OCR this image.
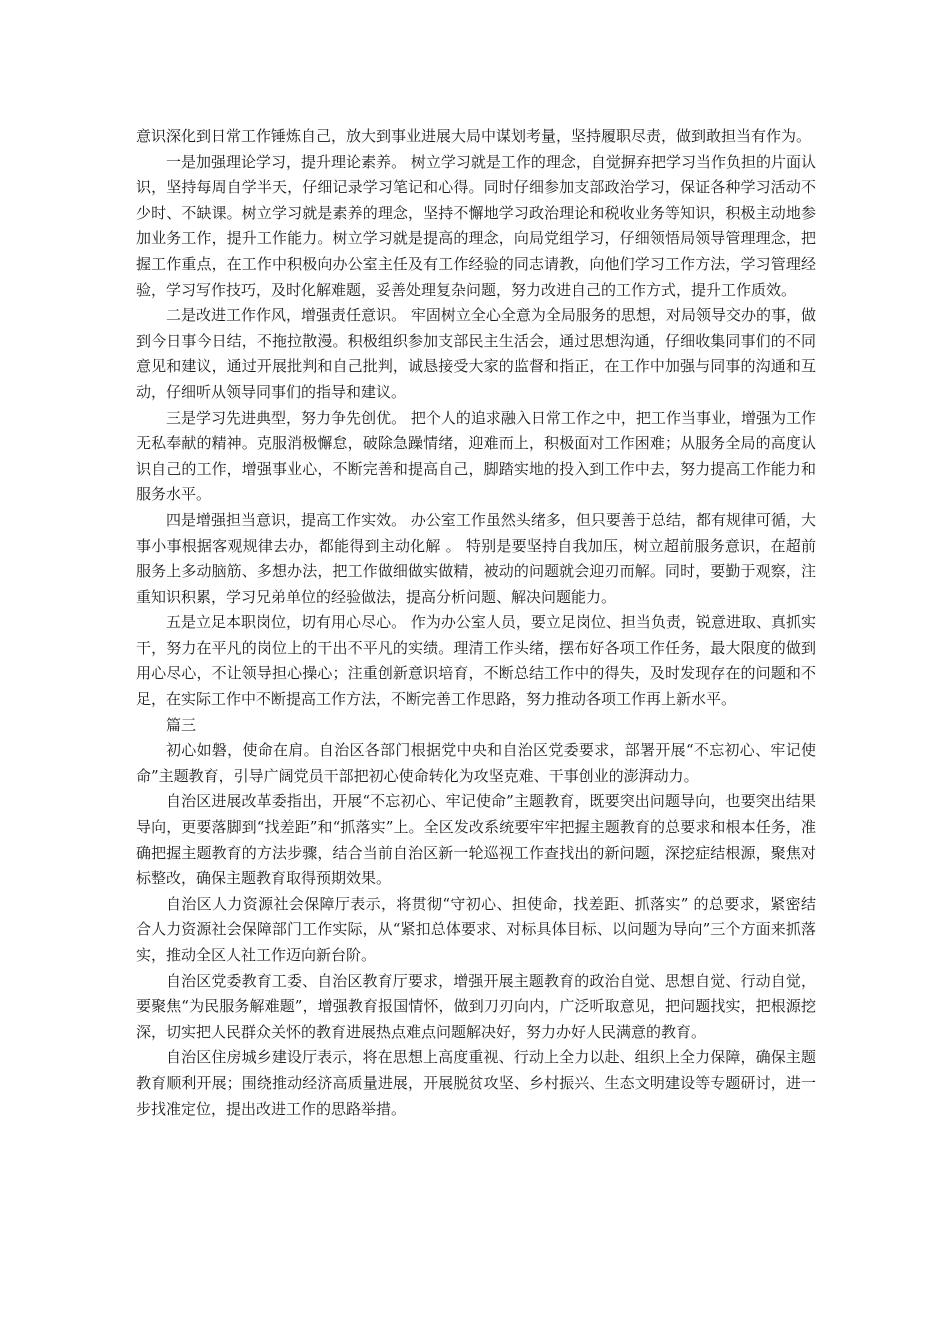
意识深化到日常工作锤炼自己，放大到事业进展大局中谋划考量，坚持履职尽责，做到敢担当有作为。

一是加强理论学习，提升理论素养。 树立学习就是工作的理念，自觉摒弃把学习当作负担的片面认识，坚持每周自学半天，仔细记录学习笔记和心得。同时仔细参加支部政治学习，保证各种学习活动不少时、不缺课。树立学习就是素养的理念，坚持不懈地学习政治理论和税收业务等知识，积极主动地参加业务工作，提升工作能力。树立学习就是提高的理念，向局党组学习，仔细领悟局领导管理理念，把握工作重点，在工作中积极向办公室主任及有工作经验的同志请教，向他们学习工作方法，学习管理经验，学习写作技巧，及时化解难题，妥善处理复杂问题，努力改进自己的工作方式，提升工作质效。

二是改进工作作风，增强责任意识。 牢固树立全心全意为全局服务的思想，对局领导交办的事，做到今日事今日结，不拖拉散漫。积极组织参加支部民主生活会，通过思想沟通，仔细收集同事们的不同意见和建议，通过开展批判和自己批判，诚恳接受大家的监督和指正，在工作中加强与同事的沟通和互动，仔细听从领导同事们的指导和建议。

三是学习先进典型，努力争先创优。 把个人的追求融入日常工作之中，把工作当事业，增强为工作无私奉献的精神。克服消极懈怠，破除急躁情绪，迎难而上，积极面对工作困难；从服务全局的高度认识自己的工作，增强事业心，不断完善和提高自己，脚踏实地的投入到工作中去，努力提高工作能力和服务水平。

四是增强担当意识，提高工作实效。 办公室工作虽然头绪多，但只要善于总结，都有规律可循，大事小事根据客观规律去办，都能得到主动化解 。 特别是要坚持自我加压，树立超前服务意识，在超前服务上多动脑筋、多想办法，把工作做细做实做精，被动的问题就会迎刃而解。同时，要勤于观察，注重知识积累，学习兄弟单位的经验做法，提高分析问题、解决问题能力。

五是立足本职岗位，切有用心尽心。 作为办公室人员，要立足岗位、担当负责，锐意进取、真抓实干，努力在平凡的岗位上的干出不平凡的实绩。理清工作头绪，摆布好各项工作任务，最大限度的做到用心尽心，不让领导担心操心；注重创新意识培育，不断总结工作中的得失，及时发现存在的问题和不足，在实际工作中不断提高工作方法，不断完善工作思路，努力推动各项工作再上新水平。

篇三

初心如磐，使命在肩。自治区各部门根据党中央和自治区党委要求，部署开展“不忘初心、牢记使命”主题教育，引导广阔党员干部把初心使命转化为攻坚克难、干事创业的澎湃动力。

自治区进展改革委指出，开展“不忘初心、牢记使命”主题教育，既要突出问题导向，也要突出结果导向，更要落脚到“找差距”和“抓落实”上。全区发改系统要牢牢把握主题教育的总要求和根本任务，准确把握主题教育的方法步骤，结合当前自治区新一轮巡视工作查找出的新问题，深挖症结根源，聚焦对标整改，确保主题教育取得预期效果。

自治区人力资源社会保障厅表示，将贯彻“守初心、担使命，找差距、抓落实” 的总要求，紧密结合人力资源社会保障部门工作实际，从“紧扣总体要求、对标具体目标、以问题为导向”三个方面来抓落实，推动全区人社工作迈向新台阶。

自治区党委教育工委、自治区教育厅要求，增强开展主题教育的政治自觉、思想自觉、行动自觉，要聚焦“为民服务解难题”，增强教育报国情怀，做到刀刃向内，广泛听取意见，把问题找实，把根源挖深，切实把人民群众关怀的教育进展热点难点问题解决好，努力办好人民满意的教育。

自治区住房城乡建设厅表示，将在思想上高度重视、行动上全力以赴、组织上全力保障，确保主题教育顺利开展；围绕推动经济高质量进展，开展脱贫攻坚、乡村振兴、生态文明建设等专题研讨，进一步找准定位，提出改进工作的思路举措。
